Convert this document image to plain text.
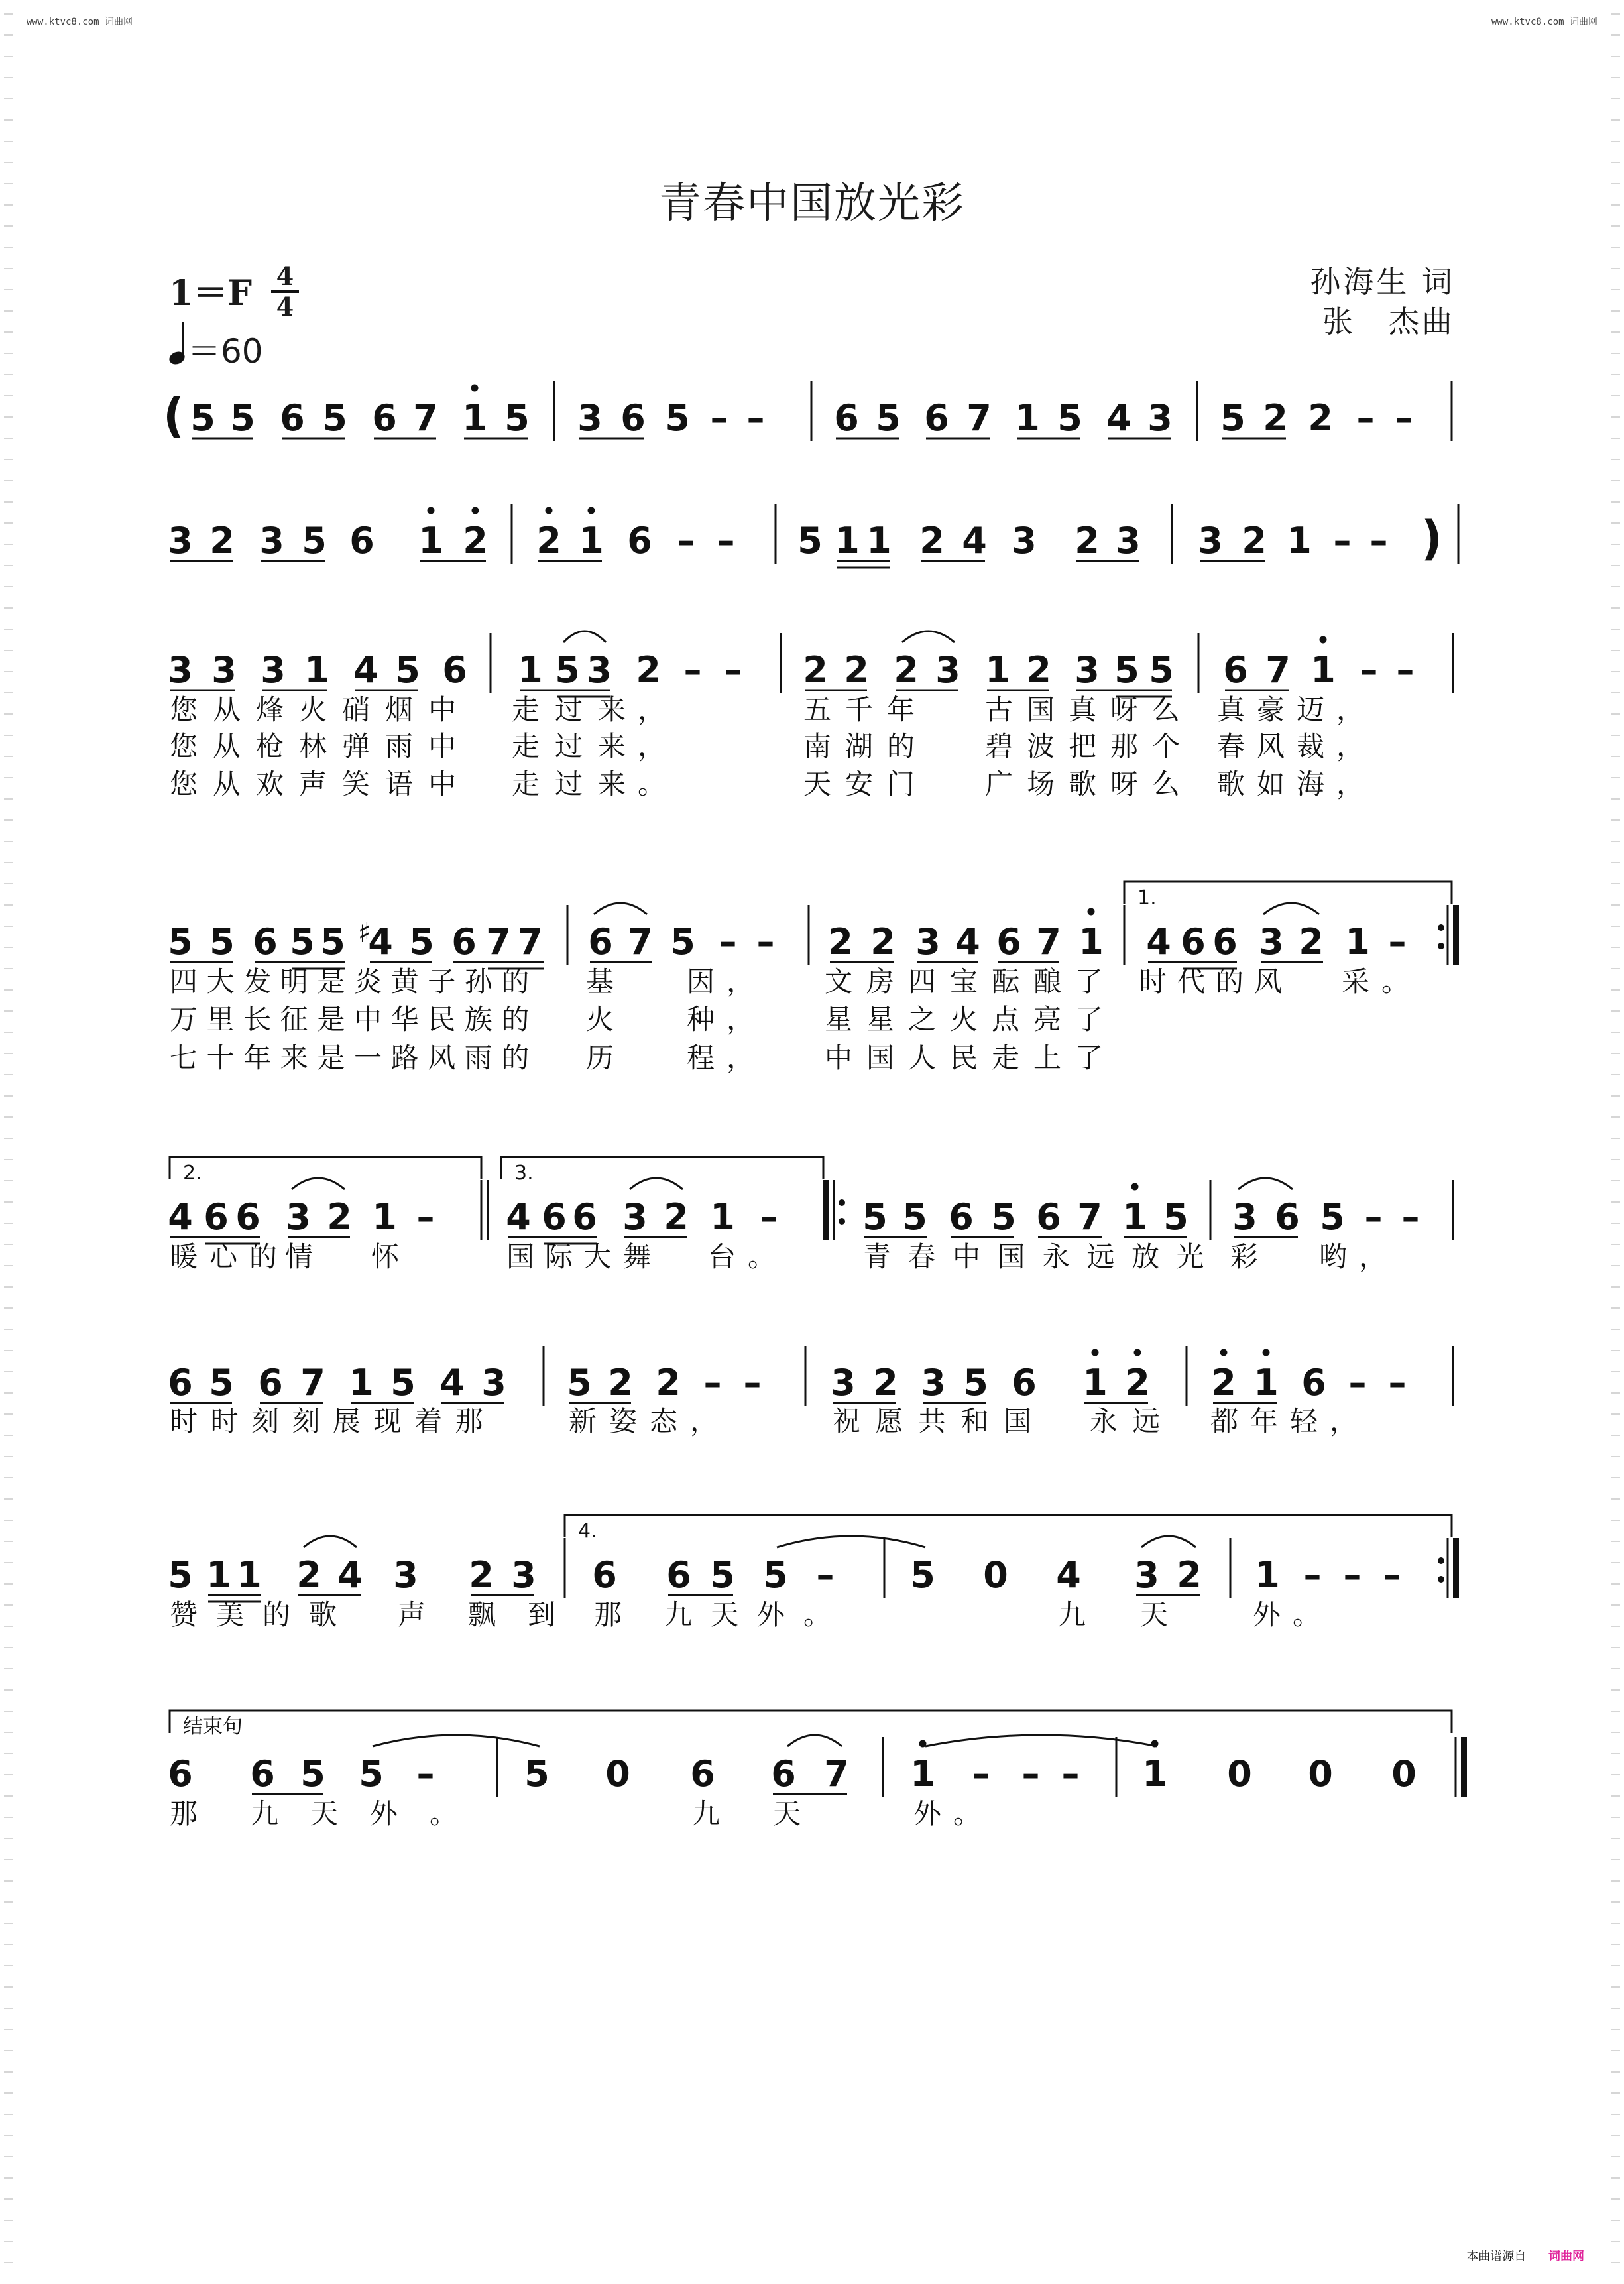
www.ktvc8.com 词曲网	www.ktvc8.com 词曲网
青春中国放光彩
1＝F 4
4
＝60
孙海生 词
张　杰曲
( 5 5 6 5 6 7 1 5 3 6 5 – – 6 5 6 7 1 5 4 3 5 2 2 – –
3 2 3 5 6 1 2 2 1 6 – – 5 1 1 2 4 3 2 3 3 2 1 – – )
您 从 烽 火 硝 烟 中 走 过 来 ，	五 千 年	古 国 真 呀 么 真 豪 迈 ，
您 从 枪 林 弹 雨 中 走 过 来 ，	南 湖 的	碧 波 把 那 个 春 风 裁 ，
您 从 欢 声 笑 语 中 走 过 来 。	天 安 门	广 场 歌 呀 么 歌 如 海 ，
3 3 3 1 4 5 6 1 5 3 2 – – 2 2 2 3 1 2 3 5 5 6 7 1 – –
四 大 发 明 是 炎 黄 子 孙 的 基	因 ，	文 房 四 宝 酝 酿 了 时 代 的 风 采 。
万 里 长 征 是 中 华 民 族 的 火	种 ，	星 星 之 火 点 亮 了
七 十 年 来 是 一 路 风 雨 的 历	程 ，	中 国 人 民 走 上 了
1.
5 5 6 5 5 ♯
4 5 6 7 7 6 7 5 – – 2 2 3 4 6 7 1 4 6 6 3 2 1 –
暖 心 的 情 怀	国 际 大 舞 台 。	青 春 中 国 永 远 放 光 彩 哟 ，
2.	3.
4 6 6 3 2 1 – 4 6 6 3 2 1 – 5 5 6 5 6 7 1 5 3 6 5 – –
时 时 刻 刻 展 现 着 那	新 姿 态 ，	祝 愿 共 和 国 永 远 都 年 轻 ，
6 5 6 7 1 5 4 3 5 2 2 – – 3 2 3 5 6 1 2 2 1 6 – –
赞 美 的 歌 声 飘 到 那 九 天 外 。	九 天	外 。
4.
5 1 1 2 4 3 2 3 6 6 5 5 – 5 0 4 3 2 1 – – –
那 九 天 外 。	九 天	外 。
结束句
6 6 5 5 –	5 0 6 6 7 1 – – – 1 0 0 0
本曲谱源自 词曲网
